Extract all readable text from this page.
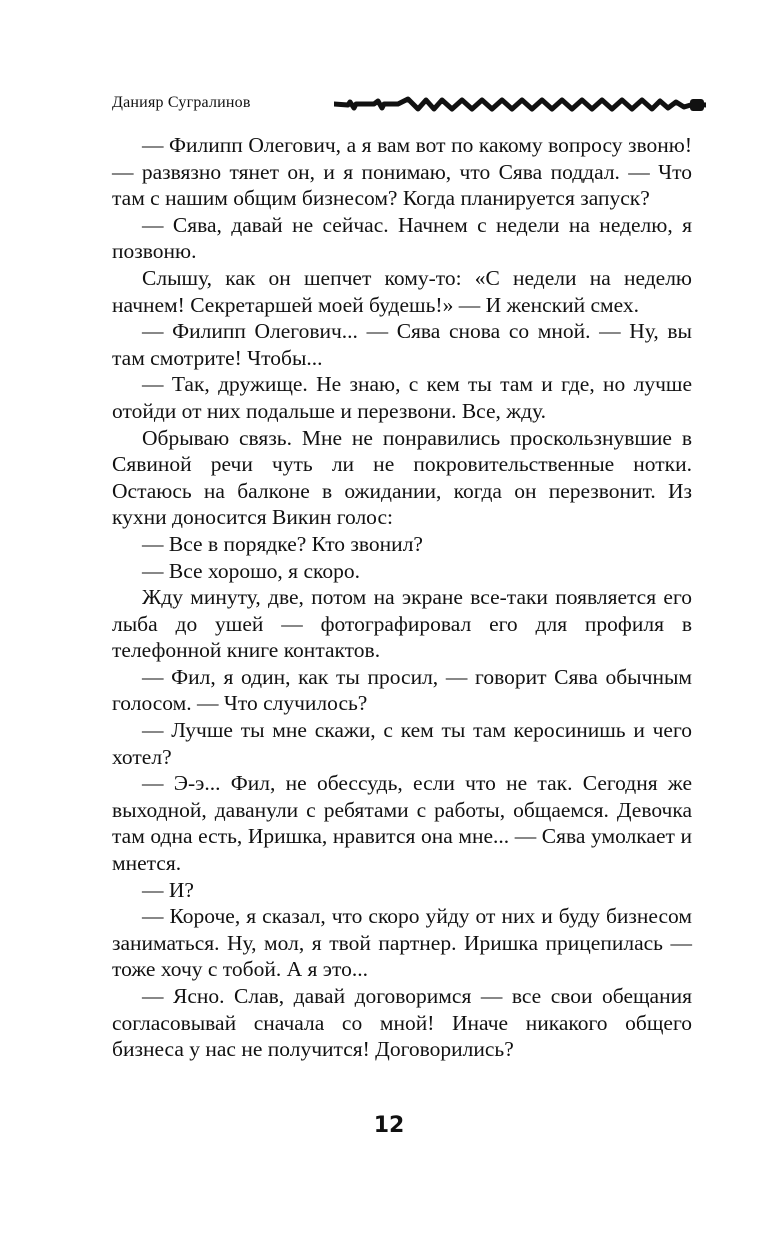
Данияр Сугралинов

— Филипп Олегович, а я вам вот по какому вопросу звоню! — развязно тянет он, и я понимаю, что Сява поддал. — Что там с нашим общим бизнесом? Когда планируется запуск?

— Сява, давай не сейчас. Начнем с недели на неделю, я позвоню.

Слышу, как он шепчет кому-то: «С недели на неделю начнем! Секретаршей моей будешь!» — И женский смех.

— Филипп Олегович... — Сява снова со мной. — Ну, вы там смотрите! Чтобы...

— Так, дружище. Не знаю, с кем ты там и где, но лучше отойди от них подальше и перезвони. Все, жду.

Обрываю связь. Мне не понравились проскользнувшие в Сявиной речи чуть ли не покровительственные нотки. Остаюсь на балконе в ожидании, когда он перезвонит. Из кухни доносится Викин голос:

— Все в порядке? Кто звонил?

— Все хорошо, я скоро.

Жду минуту, две, потом на экране все-таки появляется его лыба до ушей — фотографировал его для профиля в телефонной книге контактов.

— Фил, я один, как ты просил, — говорит Сява обычным голосом. — Что случилось?

— Лучше ты мне скажи, с кем ты там керосинишь и чего хотел?

— Э-э... Фил, не обессудь, если что не так. Сегодня же выходной, даванули с ребятами с работы, общаемся. Девочка там одна есть, Иришка, нравится она мне... — Сява умолкает и мнется.

— И?

— Короче, я сказал, что скоро уйду от них и буду бизнесом заниматься. Ну, мол, я твой партнер. Иришка прицепилась — тоже хочу с тобой. А я это...

— Ясно. Слав, давай договоримся — все свои обещания согласовывай сначала со мной! Иначе никакого общего бизнеса у нас не получится! Договорились?

12
